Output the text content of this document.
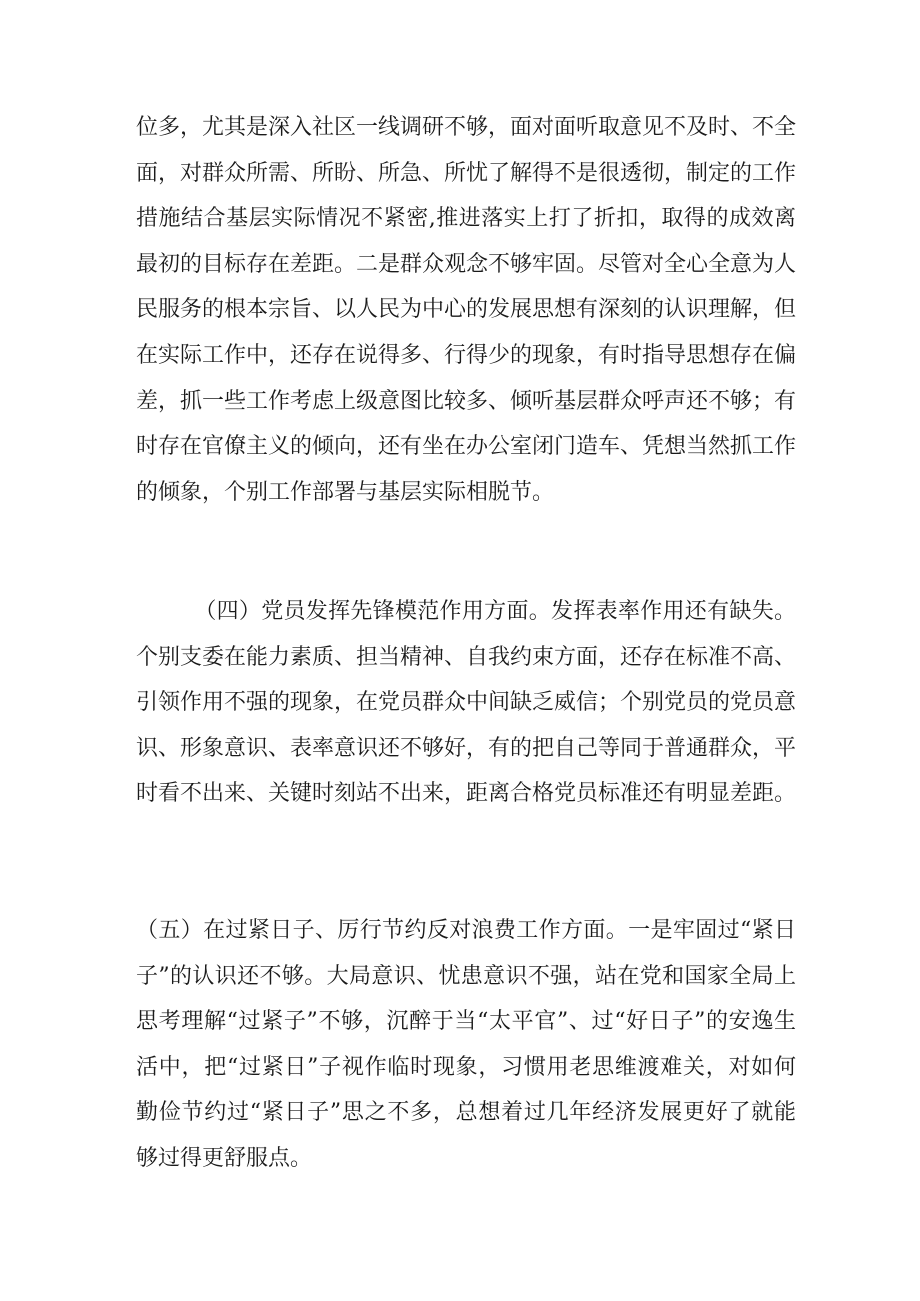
位多，尤其是深入社区一线调研不够，面对面听取意见不及时、不全面，对群众所需、所盼、所急、所忧了解得不是很透彻，制定的工作措施结合基层实际情况不紧密,推进落实上打了折扣，取得的成效离最初的目标存在差距。二是群众观念不够牢固。尽管对全心全意为人民服务的根本宗旨、以人民为中心的发展思想有深刻的认识理解，但在实际工作中，还存在说得多、行得少的现象，有时指导思想存在偏差，抓一些工作考虑上级意图比较多、倾听基层群众呼声还不够；有时存在官僚主义的倾向，还有坐在办公室闭门造车、凭想当然抓工作的倾象，个别工作部署与基层实际相脱节。

（四）党员发挥先锋模范作用方面。发挥表率作用还有缺失。个别支委在能力素质、担当精神、自我约束方面，还存在标准不高、引领作用不强的现象，在党员群众中间缺乏威信；个别党员的党员意识、形象意识、表率意识还不够好，有的把自己等同于普通群众，平时看不出来、关键时刻站不出来，距离合格党员标准还有明显差距。

（五）在过紧日子、厉行节约反对浪费工作方面。一是牢固过“紧日子”的认识还不够。大局意识、忧患意识不强，站在党和国家全局上思考理解“过紧子”不够，沉醉于当“太平官”、过“好日子”的安逸生活中，把“过紧日”子视作临时现象，习惯用老思维渡难关，对如何勤俭节约过“紧日子”思之不多，总想着过几年经济发展更好了就能够过得更舒服点。
